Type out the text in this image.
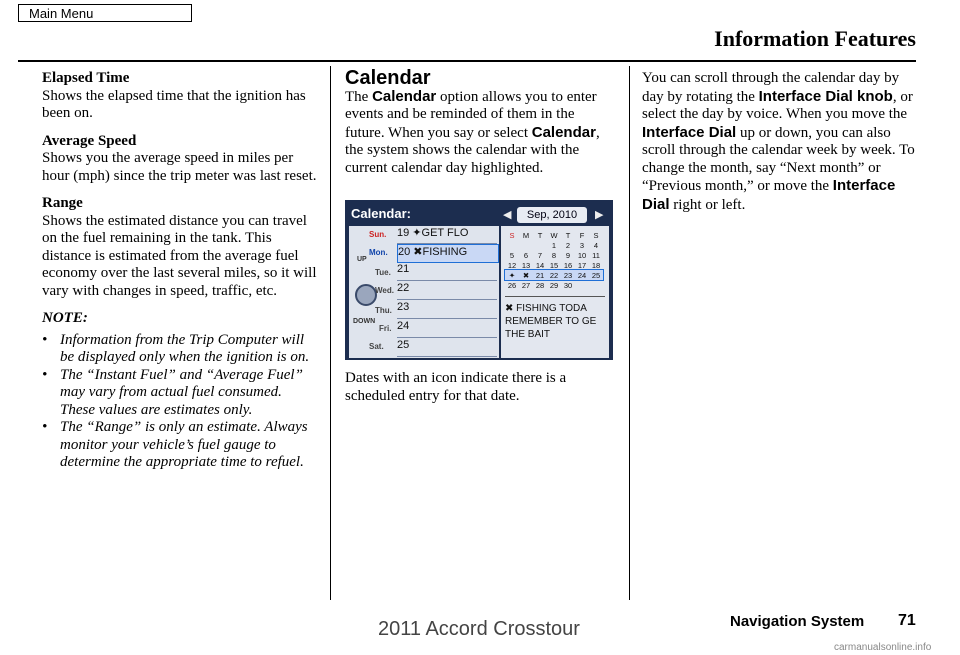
Main Menu
Information Features

Elapsed Time

Shows the elapsed time that the ignition has been on.

Average Speed

Shows you the average speed in miles per hour (mph) since the trip meter was last reset.

Range

Shows the estimated distance you can travel on the fuel remaining in the tank. This distance is estimated from the average fuel economy over the last several miles, so it will vary with changes in speed, traffic, etc.

NOTE:

• Information from the Trip Computer will be displayed only when the ignition is on.
• The “Instant Fuel” and “Average Fuel” may vary from actual fuel consumed. These values are estimates only.
• The “Range” is only an estimate. Always monitor your vehicle’s fuel gauge to determine the appropriate time to refuel.

Calendar

The Calendar option allows you to enter events and be reminded of them in the future. When you say or select Calendar, the system shows the calendar with the current calendar day highlighted.

Calendar:	◀	Sep, 2010	▶
UP
DOWN
Sun. 19 ✦GET FLO
Mon. 20 ✖FISHING
Tue. 21
Wed. 22
Thu. 23
Fri. 24
Sat. 25
S	M	T	W	T	F	S
			1	2	3	4
5	6	7	8	9	10	11
12	13	14	15	16	17	18
✦	✖	21	22	23	24	25
26	27	28	29	30		
✖ FISHING TODA
REMEMBER TO GE
THE BAIT

Dates with an icon indicate there is a scheduled entry for that date.

You can scroll through the calendar day by day by rotating the Interface Dial knob, or select the day by voice. When you move the Interface Dial up or down, you can also scroll through the calendar week by week. To change the month, say “Next month” or “Previous month,” or move the Interface Dial right or left.

Navigation System 71
2011 Accord Crosstour
carmanualsonline.info
